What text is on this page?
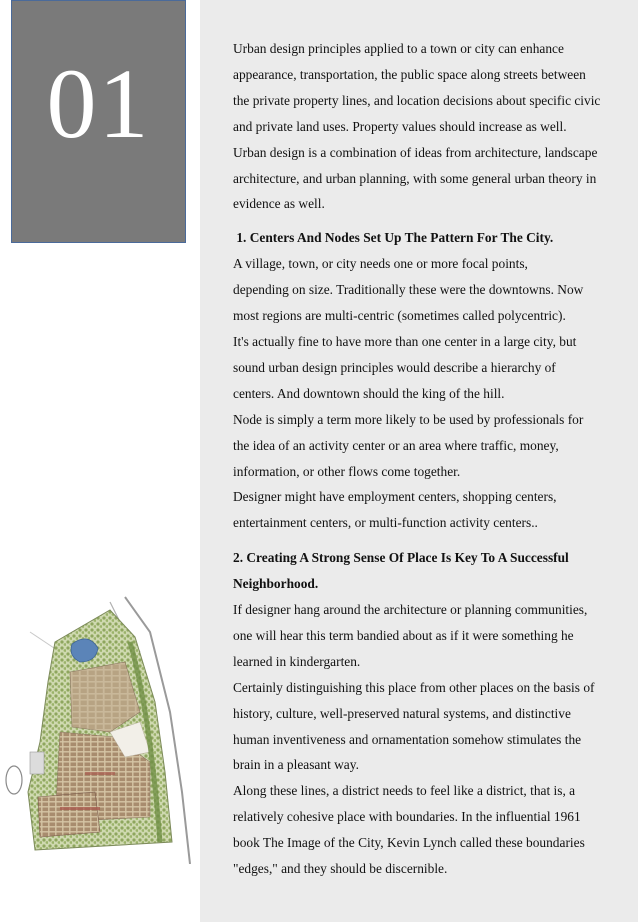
01	Urban design principles applied to a town or city can enhance

appearance, transportation, the public space along streets between

the private property lines, and location decisions about specific civic

and private land uses. Property values should increase as well.

Urban design is a combination of ideas from architecture, landscape

architecture, and urban planning, with some general urban theory in

evidence as well.

1. Centers And Nodes Set Up The Pattern For The City.

A village, town, or city needs one or more focal points,

depending on size. Traditionally these were the downtowns. Now

most regions are multi-centric (sometimes called polycentric).

It's actually fine to have more than one center in a large city, but

sound urban design principles would describe a hierarchy of

centers. And downtown should the king of the hill.

Node is simply a term more likely to be used by professionals for

the idea of an activity center or an area where traffic, money,

information, or other flows come together.

Designer might have employment centers, shopping centers,

entertainment centers, or multi-function activity centers..

2. Creating A Strong Sense Of Place Is Key To A Successful

Neighborhood.

If designer hang around the architecture or planning communities,

one will hear this term bandied about as if it were something he

learned in kindergarten.

Certainly distinguishing this place from other places on the basis of

history, culture, well-preserved natural systems, and distinctive

human inventiveness and ornamentation somehow stimulates the

brain in a pleasant way.

Along these lines, a district needs to feel like a district, that is, a

relatively cohesive place with boundaries. In the influential 1961

book The Image of the City, Kevin Lynch called these boundaries

"edges," and they should be discernible.
